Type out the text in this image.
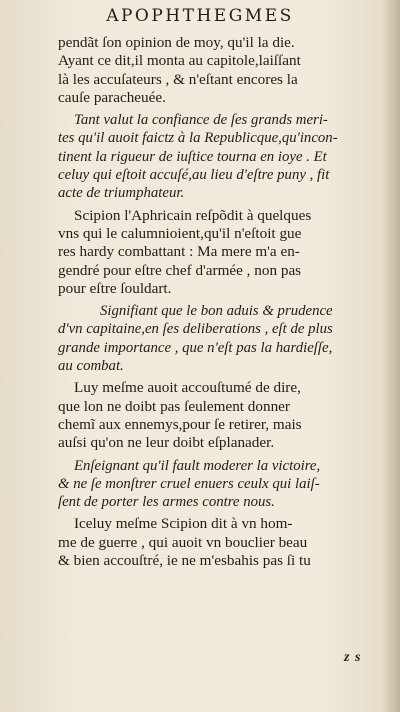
APOPHTHEGMES
pendãt ſon opinion de moy, qu'il la die.
Ayant ce dit,il monta au capitole,laiſſant
là les accuſateurs , & n'eſtant encores la
cauſe paracheuée.
Tant valut la confiance de ſes grands meri-
tes qu'il auoit faictz à la Republicque,qu'incon-
tinent la rigueur de iuſtice tourna en ioye . Et
celuy qui eſtoit accuſé,au lieu d'eſtre puny , fit
acte de triumphateur.
Scipion l'Aphricain reſpõdit à quelques
vns qui le calumnioient,qu'il n'eſtoit gue
res hardy combattant : Ma mere m'a en-
gendré pour eſtre chef d'armée , non pas
pour eſtre ſouldart.
Signifiant que le bon aduis & prudence
d'vn capitaine,en ſes deliberations , eſt de plus
grande importance , que n'eſt pas la hardieſſe,
au combat.
Luy meſme auoit accouſtumé de dire,
que lon ne doibt pas ſeulement donner
chemĩ aux ennemys,pour ſe retirer, mais
auſsi qu'on ne leur doibt eſplanader.
Enſeignant qu'il fault moderer la victoire,
& ne ſe monſtrer cruel enuers ceulx qui laiſ-
ſent de porter les armes contre nous.
Iceluy meſme Scipion dit à vn hom-
me de guerre , qui auoit vn bouclier beau
& bien accouſtré, ie ne m'esbahis pas ſi tu
z s
